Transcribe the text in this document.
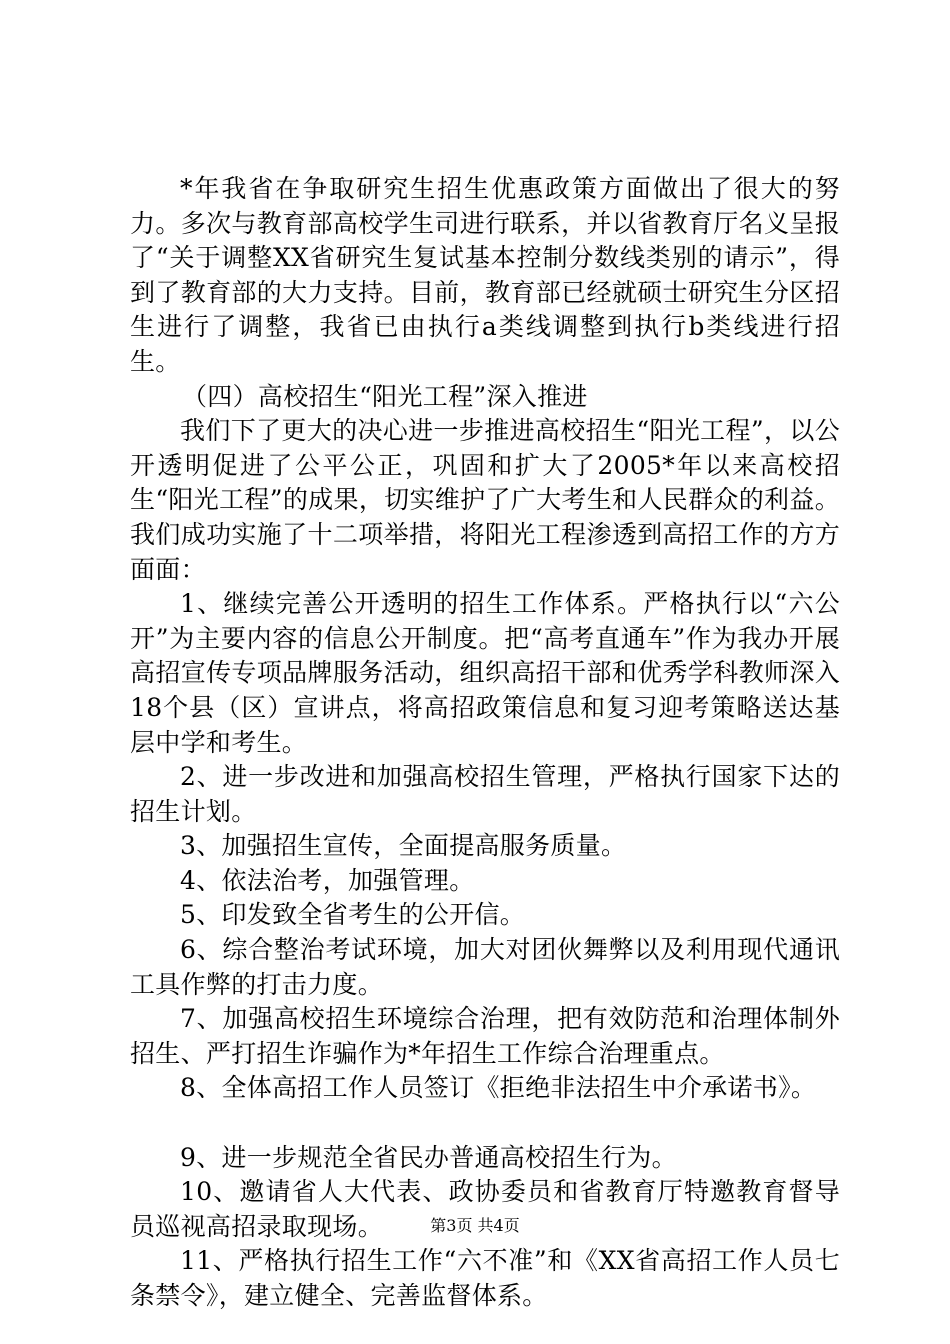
*年我省在争取研究生招生优惠政策方面做出了很大的努力。多次与教育部高校学生司进行联系，并以省教育厅名义呈报了“关于调整XX省研究生复试基本控制分数线类别的请示”，得到了教育部的大力支持。目前，教育部已经就硕士研究生分区招生进行了调整，我省已由执行a类线调整到执行b类线进行招生。

（四）高校招生“阳光工程”深入推进

我们下了更大的决心进一步推进高校招生“阳光工程”，以公开透明促进了公平公正，巩固和扩大了2005*年以来高校招生“阳光工程”的成果，切实维护了广大考生和人民群众的利益。我们成功实施了十二项举措，将阳光工程渗透到高招工作的方方面面：

1、继续完善公开透明的招生工作体系。严格执行以“六公开”为主要内容的信息公开制度。把“高考直通车”作为我办开展高招宣传专项品牌服务活动，组织高招干部和优秀学科教师深入18个县（区）宣讲点，将高招政策信息和复习迎考策略送达基层中学和考生。

2、进一步改进和加强高校招生管理，严格执行国家下达的招生计划。

3、加强招生宣传，全面提高服务质量。

4、依法治考，加强管理。

5、印发致全省考生的公开信。

6、综合整治考试环境，加大对团伙舞弊以及利用现代通讯工具作弊的打击力度。

7、加强高校招生环境综合治理，把有效防范和治理体制外招生、严打招生诈骗作为*年招生工作综合治理重点。

8、全体高招工作人员签订《拒绝非法招生中介承诺书》。

9、进一步规范全省民办普通高校招生行为。

10、邀请省人大代表、政协委员和省教育厅特邀教育督导员巡视高招录取现场。

11、严格执行招生工作“六不准”和《XX省高招工作人员七条禁令》，建立健全、完善监督体系。

第3页 共4页
